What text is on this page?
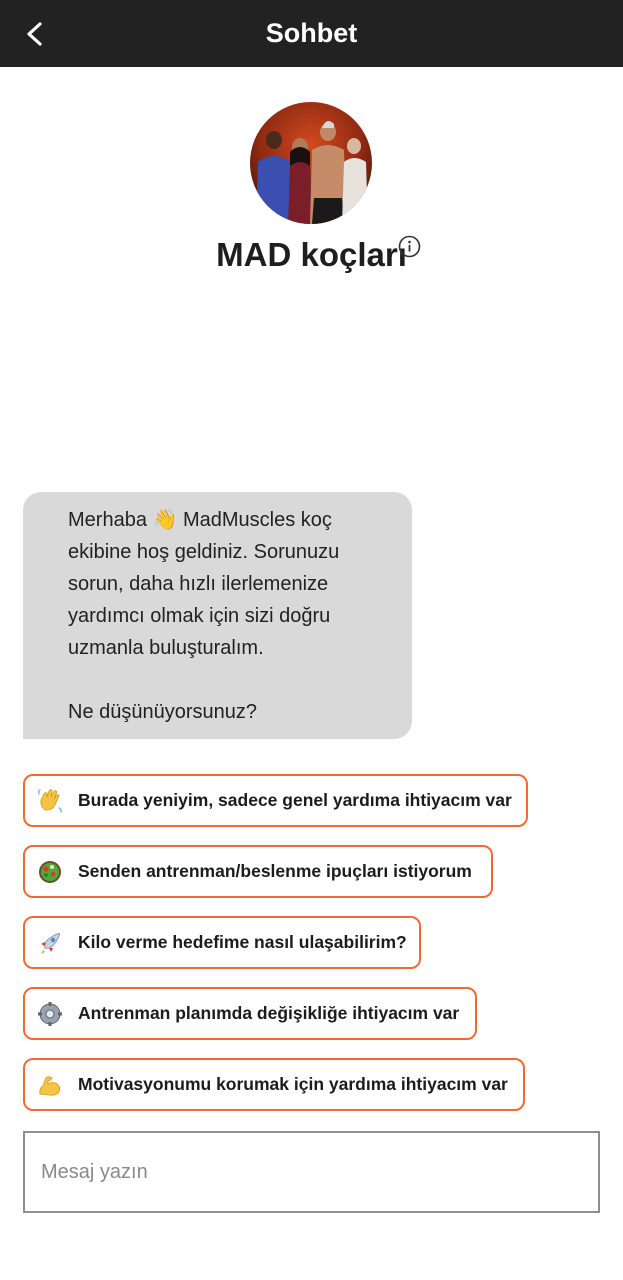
Sohbet
MAD koçları
Merhaba 👋 MadMuscles koç ekibine hoş geldiniz. Sorunuzu sorun, daha hızlı ilerlemenize yardımcı olmak için sizi doğru uzmanla buluşturalım.
Ne düşünüyorsunuz?
Burada yeniyim, sadece genel yardıma ihtiyacım var
Senden antrenman/beslenme ipuçları istiyorum
Kilo verme hedefime nasıl ulaşabilirim?
Antrenman planımda değişikliğe ihtiyacım var
Motivasyonumu korumak için yardıma ihtiyacım var
Mesaj yazın
